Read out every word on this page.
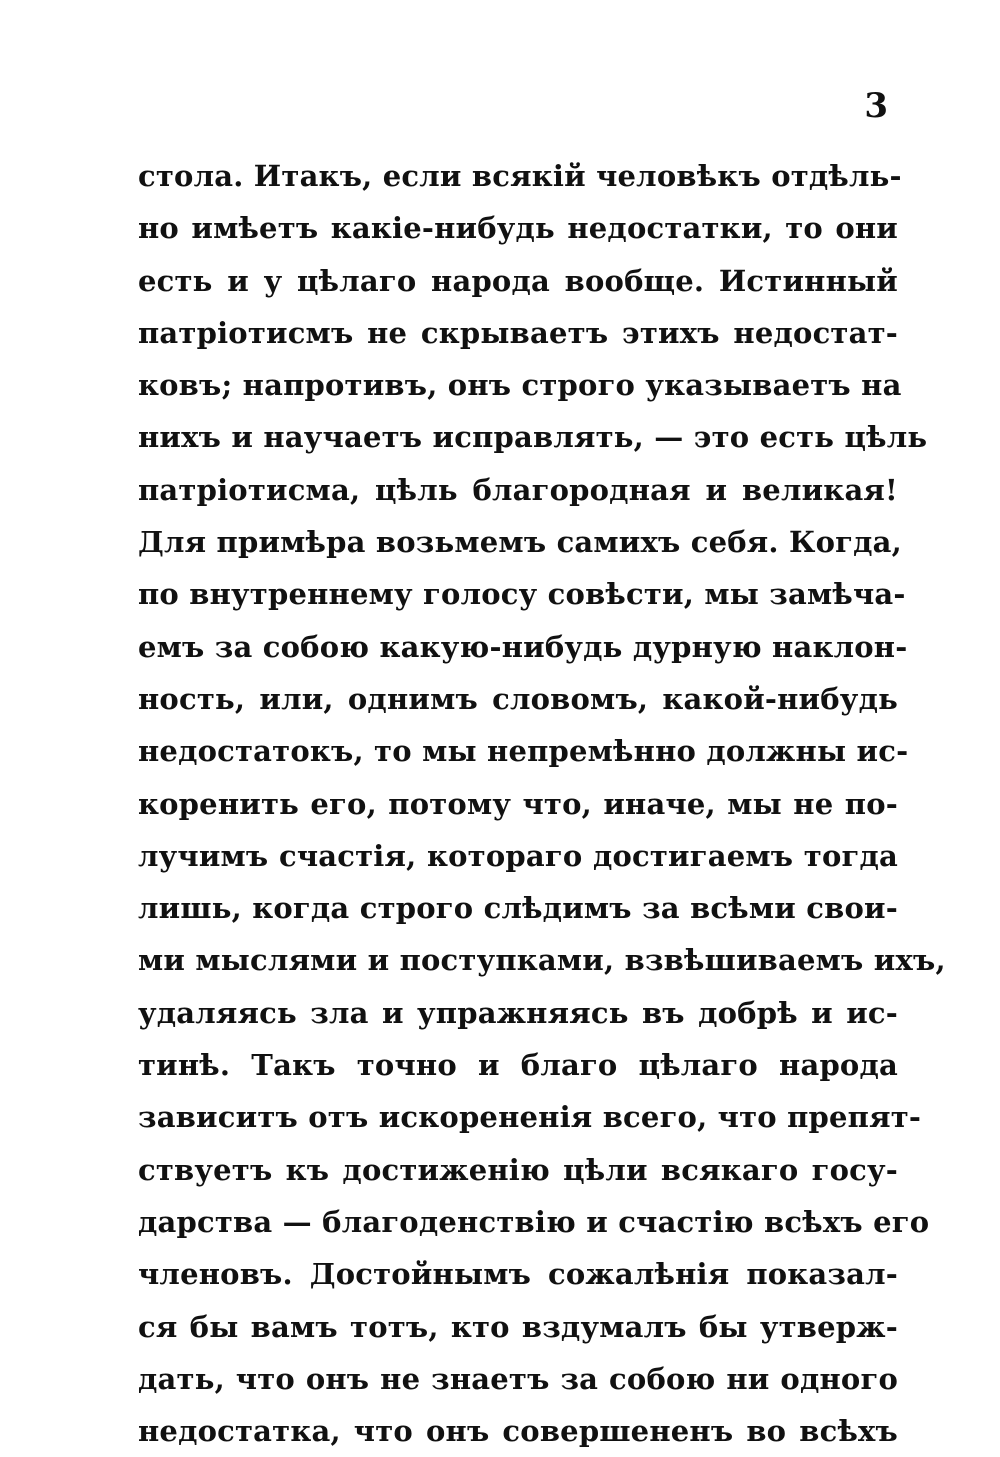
3
стола. Итакъ, если всякій человѣкъ отдѣль-
но имѣетъ какіе-нибудь недостатки, то они
есть и у цѣлаго народа вообще. Истинный
патріотисмъ не скрываетъ этихъ недостат-
ковъ; напротивъ, онъ строго указываетъ на
нихъ и научаетъ исправлять, — это есть цѣль
патріотисма, цѣль благородная и великая!
Для примѣра возьмемъ самихъ себя. Когда,
по внутреннему голосу совѣсти, мы замѣча-
емъ за собою какую-нибудь дурную наклон-
ность, или, однимъ словомъ, какой-нибудь
недостатокъ, то мы непремѣнно должны ис-
коренить его, потому что, иначе, мы не по-
лучимъ счастія, котораго достигаемъ тогда
лишь, когда строго слѣдимъ за всѣми свои-
ми мыслями и поступками, взвѣшиваемъ ихъ,
удаляясь зла и упражняясь въ добрѣ и ис-
тинѣ. Такъ точно и благо цѣлаго народа
зависитъ отъ искорененія всего, что препят-
ствуетъ къ достиженію цѣли всякаго госу-
дарства — благоденствію и счастію всѣхъ его
членовъ. Достойнымъ сожалѣнія показал-
ся бы вамъ тотъ, кто вздумалъ бы утверж-
дать, что онъ не знаетъ за собою ни одного
недостатка, что онъ совершененъ во всѣхъ
